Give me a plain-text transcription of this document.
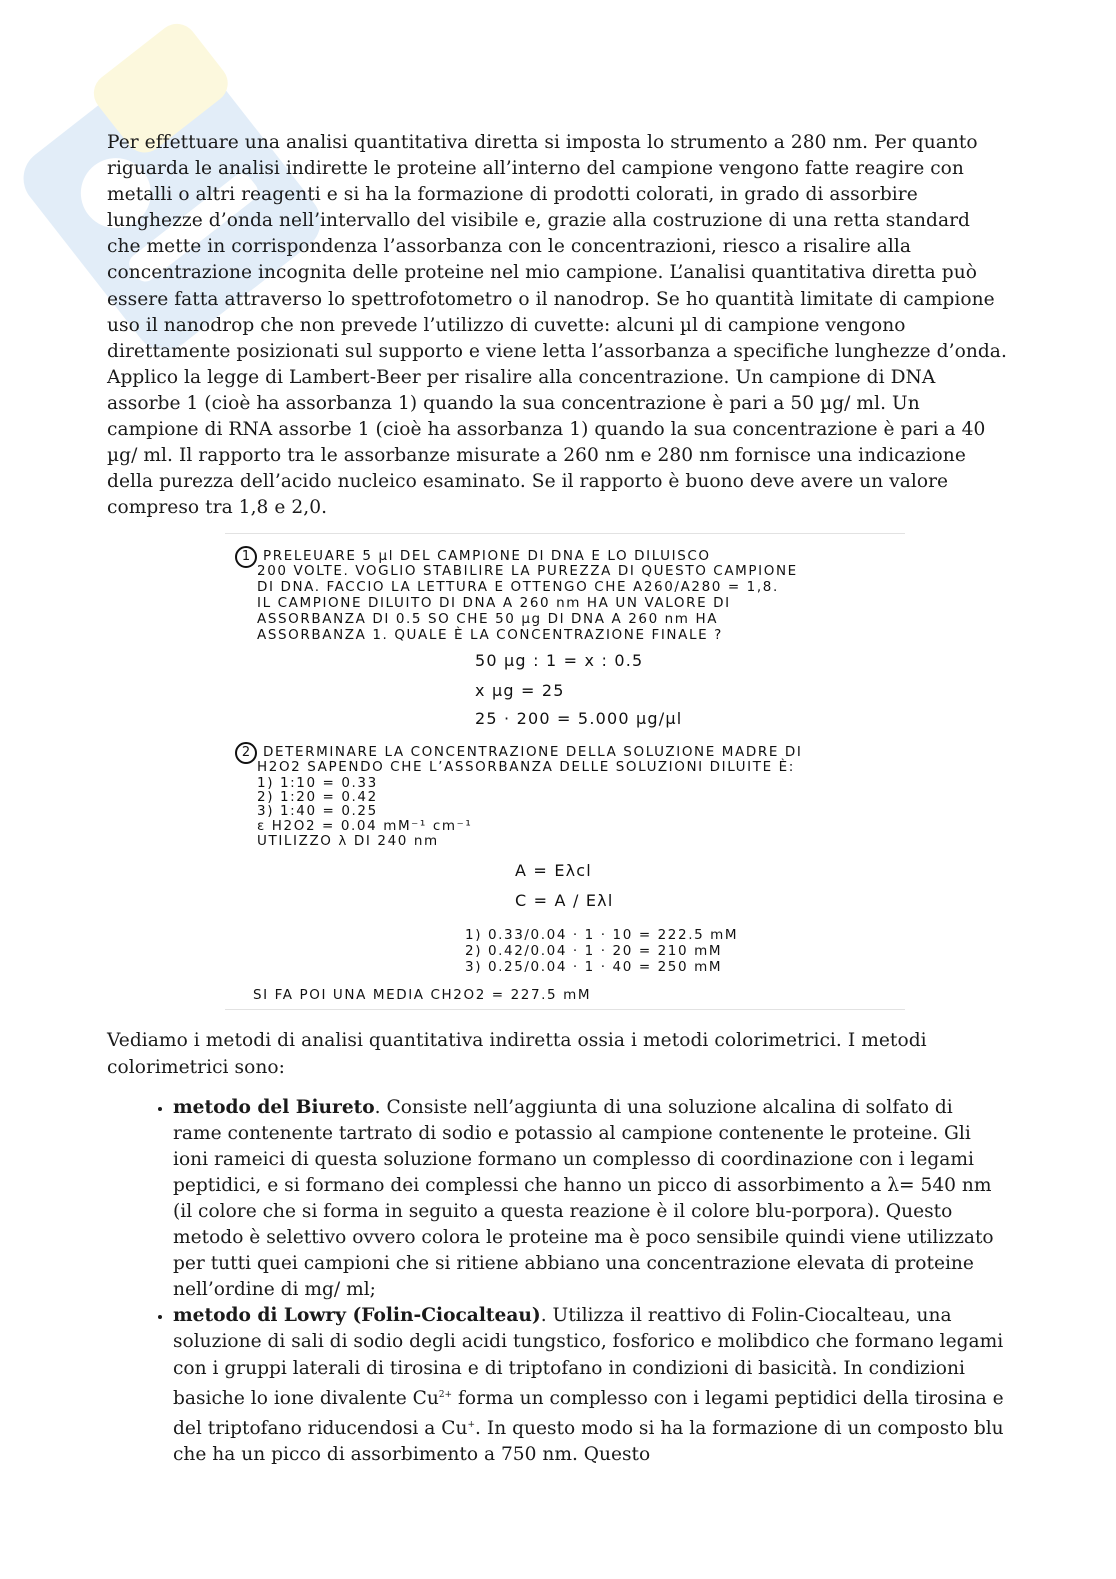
Per effettuare una analisi quantitativa diretta si imposta lo strumento a 280 nm. Per quanto riguarda le analisi indirette le proteine all’interno del campione vengono fatte reagire con metalli o altri reagenti e si ha la formazione di prodotti colorati, in grado di assorbire lunghezze d’onda nell’intervallo del visibile e, grazie alla costruzione di una retta standard che mette in corrispondenza l’assorbanza con le concentrazioni, riesco a risalire alla concentrazione incognita delle proteine nel mio campione. L’analisi quantitativa diretta può essere fatta attraverso lo spettrofotometro o il nanodrop. Se ho quantità limitate di campione uso il nanodrop che non prevede l’utilizzo di cuvette: alcuni µl di campione vengono direttamente posizionati sul supporto e viene letta l’assorbanza a specifiche lunghezze d’onda. Applico la legge di Lambert-Beer per risalire alla concentrazione. Un campione di DNA assorbe 1 (cioè ha assorbanza 1) quando la sua concentrazione è pari a 50 µg/ ml. Un campione di RNA assorbe 1 (cioè ha assorbanza 1) quando la sua concentrazione è pari a 40 µg/ ml. Il rapporto tra le assorbanze misurate a 260 nm e 280 nm fornisce una indicazione della purezza dell’acido nucleico esaminato. Se il rapporto è buono deve avere un valore compreso tra 1,8 e 2,0.

1 PRELEUARE 5 µl DEL CAMPIONE DI DNA E LO DILUISCO
200 VOLTE. VOGLIO STABILIRE LA PUREZZA DI QUESTO CAMPIONE
DI DNA. FACCIO LA LETTURA E OTTENGO CHE A260/A280 = 1,8.
IL CAMPIONE DILUITO DI DNA A 260 nm HA UN VALORE DI
ASSORBANZA DI 0.5 SO CHE 50 µg DI DNA A 260 nm HA
ASSORBANZA 1. QUALE È LA CONCENTRAZIONE FINALE ?
50 µg : 1 = x : 0.5
x µg = 25
25 · 200 = 5.000 µg/µl
2 DETERMINARE LA CONCENTRAZIONE DELLA SOLUZIONE MADRE DI
H2O2 SAPENDO CHE L’ASSORBANZA DELLE SOLUZIONI DILUITE È:
1) 1:10 = 0.33
2) 1:20 = 0.42
3) 1:40 = 0.25
ε H2O2 = 0.04 mM⁻¹ cm⁻¹
UTILIZZO λ DI 240 nm
A = Eλcl
C = A / Eλl
1) 0.33/0.04 · 1 · 10 = 222.5 mM
2) 0.42/0.04 · 1 · 20 = 210 mM
3) 0.25/0.04 · 1 · 40 = 250 mM
SI FA POI UNA MEDIA CH2O2 = 227.5 mM

Vediamo i metodi di analisi quantitativa indiretta ossia i metodi colorimetrici. I metodi colorimetrici sono:

• metodo del Biureto. Consiste nell’aggiunta di una soluzione alcalina di solfato di rame contenente tartrato di sodio e potassio al campione contenente le proteine. Gli ioni rameici di questa soluzione formano un complesso di coordinazione con i legami peptidici, e si formano dei complessi che hanno un picco di assorbimento a λ= 540 nm (il colore che si forma in seguito a questa reazione è il colore blu-porpora). Questo metodo è selettivo ovvero colora le proteine ma è poco sensibile quindi viene utilizzato per tutti quei campioni che si ritiene abbiano una concentrazione elevata di proteine nell’ordine di mg/ ml;
• metodo di Lowry (Folin-Ciocalteau). Utilizza il reattivo di Folin-Ciocalteau, una soluzione di sali di sodio degli acidi tungstico, fosforico e molibdico che formano legami con i gruppi laterali di tirosina e di triptofano in condizioni di basicità. In condizioni basiche lo ione divalente $Cu^{2+}$ forma un complesso con i legami peptidici della tirosina e del triptofano riducendosi a Cu+. In questo modo si ha la formazione di un composto blu che ha un picco di assorbimento a 750 nm. Questo
